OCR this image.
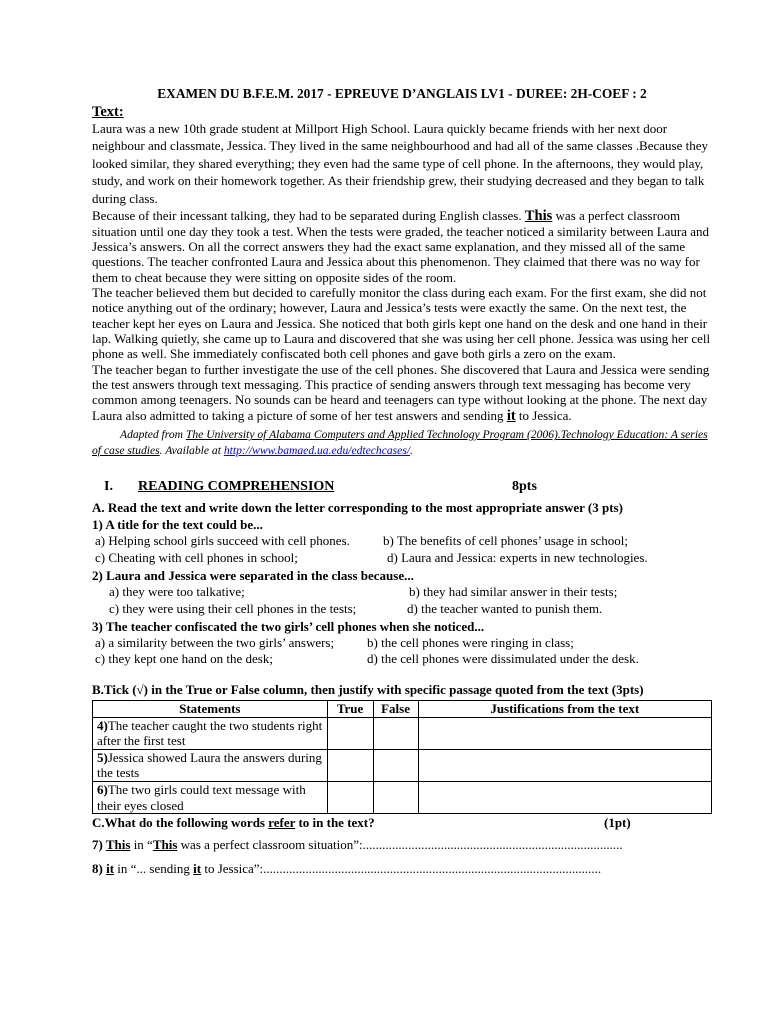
EXAMEN DU B.F.E.M. 2017 - EPREUVE D’ANGLAIS LV1 - DUREE: 2H-COEF : 2
Text:

Laura was a new 10th grade student at Millport High School. Laura quickly became friends with her next door neighbour and classmate, Jessica. They lived in the same neighbourhood and had all of the same classes .Because they looked similar, they shared everything; they even had the same type of cell phone. In the afternoons, they would play, study, and work on their homework together. As their friendship grew, their studying decreased and they began to talk during class.

Because of their incessant talking, they had to be separated during English classes. This was a perfect classroom situation until one day they took a test. When the tests were graded, the teacher noticed a similarity between Laura and Jessica’s answers. On all the correct answers they had the exact same explanation, and they missed all of the same questions. The teacher confronted Laura and Jessica about this phenomenon. They claimed that there was no way for them to cheat because they were sitting on opposite sides of the room.

The teacher believed them but decided to carefully monitor the class during each exam. For the first exam, she did not notice anything out of the ordinary; however, Laura and Jessica’s tests were exactly the same. On the next test, the teacher kept her eyes on Laura and Jessica. She noticed that both girls kept one hand on the desk and one hand in their lap. Walking quietly, she came up to Laura and discovered that she was using her cell phone. Jessica was using her cell phone as well. She immediately confiscated both cell phones and gave both girls a zero on the exam.

The teacher began to further investigate the use of the cell phones. She discovered that Laura and Jessica were sending the test answers through text messaging. This practice of sending answers through text messaging has become very common among teenagers. No sounds can be heard and teenagers can type without looking at the phone. The next day Laura also admitted to taking a picture of some of her test answers and sending it to Jessica.

Adapted from The University of Alabama Computers and Applied Technology Program (2006).Technology Education: A series of case studies. Available at http://www.bamaed.ua.edu/edtechcases/.
I. READING COMPREHENSION	8pts
A. Read the text and write down the letter corresponding to the most appropriate answer (3 pts)
1) A title for the text could be...
a) Helping school girls succeed with cell phones.	b) The benefits of cell phones’ usage in school;
c) Cheating with cell phones in school;	d) Laura and Jessica: experts in new technologies.
2) Laura and Jessica were separated in the class because...
a) they were too talkative;	b) they had similar answer in their tests;
c) they were using their cell phones in the tests;	d) the teacher wanted to punish them.
3) The teacher confiscated the two girls’ cell phones when she noticed...
a) a similarity between the two girls’ answers;	b) the cell phones were ringing in class;
c) they kept one hand on the desk;	d) the cell phones were dissimulated under the desk.
B.Tick (√) in the True or False column, then justify with specific passage quoted from the text (3pts)
Statements	True	False	Justifications from the text
4)The teacher caught the two students right after the first test			
5)Jessica showed Laura the answers during the tests			
6)The two girls could text message with their eyes closed			
C.What do the following words refer to in the text?	(1pt)
7) This in “This was a perfect classroom situation”:................................................................................
8) it in “... sending it to Jessica”:........................................................................................................
